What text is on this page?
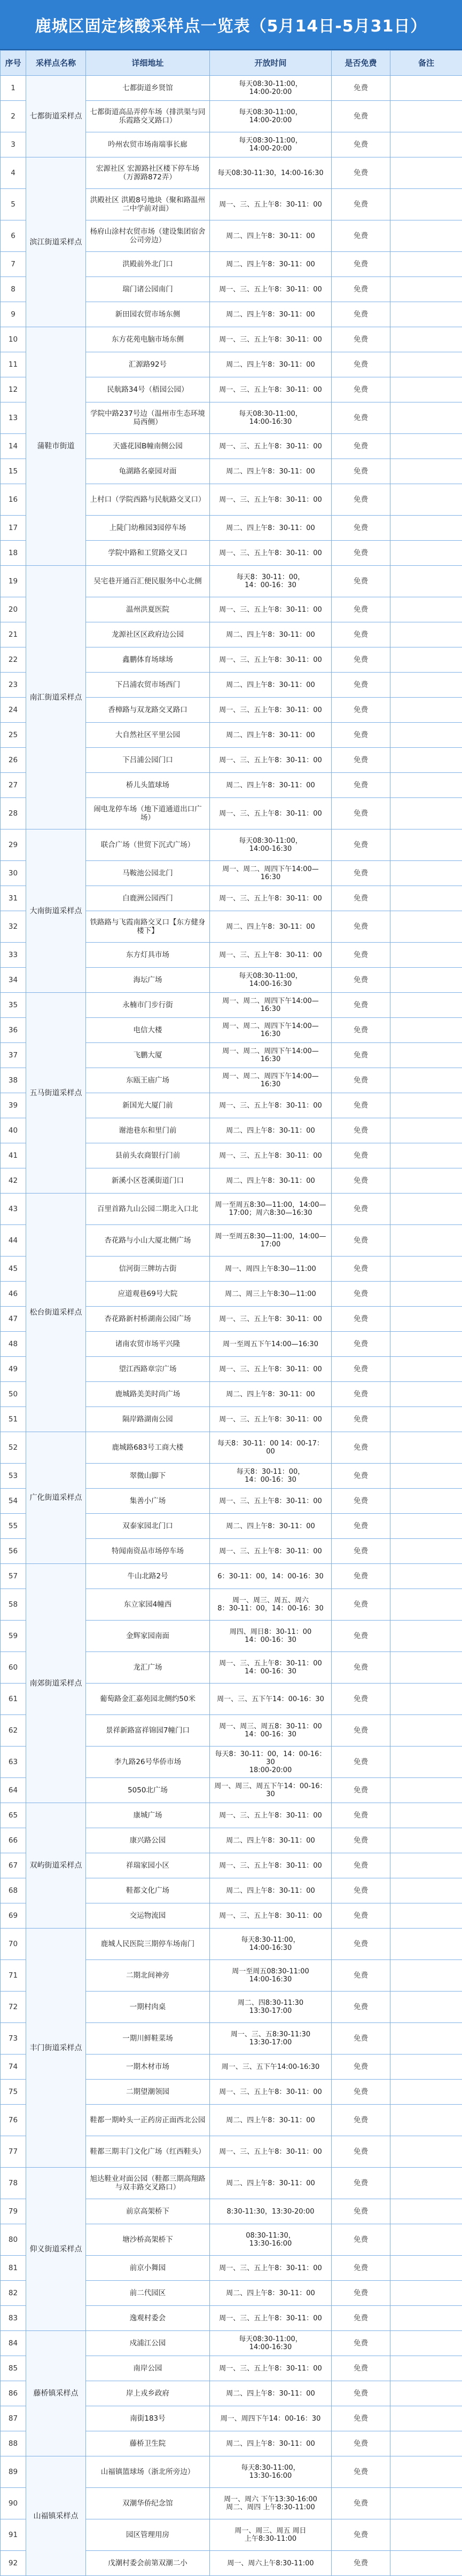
鹿城区固定核酸采样点一览表（5月14日-5月31日）
序号	采样点名称	详细地址	开放时间	是否免费	备注
1	七都街道采样点	七都街道乡贤馆	每天08:30-11:00，
14:00-20:00	免费	
2		七都街道高品弄停车场（排洪渠与同乐霞路交叉路口）	每天08:30-11:00，
14:00-20:00	免费	
3		吟州农贸市场南端事长廊	每天08:30-11:00，
14:00-20:00	免费	
4	滨江街道采样点	宏源社区 宏源路社区楼下停车场（万源路872弄）	每天08:30-11:30，14:00-16:30	免费	
5		洪殿社区 洪殿8号地块（聚和路温州二中学前对面）	周一、三、五上午8：30-11：00	免费	
6		杨府山涂村农贸市场（建设集团宿舍公司旁边）	周二、四上午8：30-11：00	免费	
7		洪殿前外北门口	周二、四上午8：30-11：00	免费	
8		瑞门诸公园南门	周一、三、五上午8：30-11：00	免费	
9		新田园农贸市场东侧	周二、四上午8：30-11：00	免费	
10	蒲鞋市街道	东方花苑电脑市场东侧	周一、三、五上午8：30-11：00	免费	
11		汇源路92号	周二、四上午8：30-11：00	免费	
12		民航路34号（梧园公园）	周一、三、五上午8：30-11：00	免费	
13		学院中路237号边（温州市生态环境局西侧）	每天08:30-11:00，
14:00-16:30	免费	
14		天盛花园B幢南侧公园	周一、三、五上午8：30-11：00	免费	
15		龟湖路名豪园对面	周二、四上午8：30-11：00	免费	
16		上村口（学院西路与民航路交叉口）	周一、三、五上午8：30-11：00	免费	
17		上陡门幼稚园3园停车场	周二、四上午8：30-11：00	免费	
18		学院中路和工贸路交叉口	周一、三、五上午8：30-11：00	免费	
19	南汇街道采样点	吴宅巷开通百汇便民服务中心北侧	每天8：30-11：00，
14：00-16：30	免费	
20		温州洪夏医院	周一、三、五上午8：30-11：00	免费	
21		龙源社区区政府边公园	周二、四上午8：30-11：00	免费	
22		鑫鹏体育场球场	周一、三、五上午8：30-11：00	免费	
23		下吕浦农贸市场西门	周二、四上午8：30-11：00	免费	
24		香樟路与双龙路交叉路口	周一、三、五上午8：30-11：00	免费	
25		大自然社区平里公园	周二、四上午8：30-11：00	免费	
26		下吕浦公园门口	周一、三、五上午8：30-11：00	免费	
27		桥儿头篮球场	周二、四上午8：30-11：00	免费	
28		闹电龙停车场（地下道通道出口广场）	周一、三、五上午8：30-11：00	免费	
29	大南街道采样点	联合广场（世贸下沉式广场）	每天08:30-11:00，
14:00-16:30	免费	
30		马鞍池公园北门	周一、周二、周四下午14:00—16:30	免费	
31		白鹿洲公园西门	周一、三、五上午8：30-11：00	免费	
32		铁路路与飞霞南路交叉口【东方健身楼下】	周二、四上午8：30-11：00	免费	
33		东方灯具市场	周一、三、五上午8：30-11：00	免费	
34		海坛广场	每天08:30-11:00，
14:00-16:30	免费	
35	五马街道采样点	永楠市门步行街	周一、周二、周四下午14:00—16:30	免费	
36		电信大楼	周一、周二、周四下午14:00—16:30	免费	
37		飞鹏大厦	周一、周二、周四下午14:00—16:30	免费	
38		东瓯王庙广场	周一、周二、周四下午14:00—16:30	免费	
39		新国光大厦门前	周一、三、五上午8：30-11：00	免费	
40		谢池巷东和里门前	周二、四上午8：30-11：00	免费	
41		县前头农商银行门前	周一、三、五上午8：30-11：00	免费	
42		新溪小区苍溪街道门口	周二、四上午8：30-11：00	免费	
43	松台街道采样点	百里首路九山公园二期北入口北	周一至周五8:30—11:00，14:00—17:00；周六8:30—16:30	免费	
44		杏花路与小山大厦北侧广场	周一至周五8:30—11:00，14:00—17:00	免费	
45		信河街三牌坊古街	周一、周四上午8:30—11:00	免费	
46		应道观巷69号大院	周二、周三上午8:30—11:00	免费	
47		杏花路新村桥湖南公园广场	周一、三、五上午8：30-11：00	免费	
48		诸南农贸市场平兴隆	周一至周五下午14:00—16:30	免费	
49		望江西路章宗广场	周一、三、五上午8：30-11：00	免费	
50		鹿城路美美时尚广场	周二、四上午8：30-11：00	免费	
51		隔岸路湖南公园	周一、三、五上午8：30-11：00	免费	
52	广化街道采样点	鹿城路683号工商大楼	每天8：30-11：00 14：00-17：00	免费	
53		翠微山脚下	每天8：30-11：00，
14：00-16：30	免费	
54		集善小广场	周一、三、五上午8：30-11：00	免费	
55		双泰家园北门口	周二、四上午8：30-11：00	免费	
56		特闻南资品市场停车场	周一、三、五上午8：30-11：00	免费	
57	南郊街道采样点	牛山北路2号	6：30-11：00，14：00-16：30	免费	
58		东立家园4幢西	周一、周三、周五、周六
8：30-11：00，14：00-16：30	免费	
59		金辉家园南面	周四、周日8：30-11：00
14：00-16：30	免费	
60		龙汇广场	周一、三、五上午8：30-11：00
14：00-16：30	免费	
61		葡萄路金汇嘉苑园北侧约50米	周一、三、五下午14：00-16：30	免费	
62		景祥新路富祥锦园7幢门口	周一、周三、周五8：30-11：00
14：00-16：30	免费	
63		李九路26号华侨市场	每天8：30-11：00，14：00-16：30
18:00-20:00	免费	
64		5050北广场	周一、周三、周五下午14：00-16：30	免费	
65	双屿街道采样点	康城广场	周一、三、五上午8：30-11：00	免费	
66		康兴路公园	周二、四上午8：30-11：00	免费	
67		祥瑞家园小区	周一、三、五上午8：30-11：00	免费	
68		鞋都文化广场	周二、四上午8：30-11：00	免费	
69		交运物流园	周一、三、五上午8：30-11：00	免费	
70	丰门街道采样点	鹿城人民医院三期停车场南门	每天8:30-11:00，
14:00-16:30	免费	
71		二期北间神旁	周一至周五08:30-11:00
14:00-16:30	免费	
72		一期村肉桌	周二、四8:30-11:30
13:30-17:00	免费	
73		一期川鲜鞋菜场	周一、三、五8:30-11:30
13:30-17:00	免费	
74		一期木材市场	周一、三、五下午14:00-16:30	免费	
75		二期望潮领园	周一、三、五上午8：30-11：00	免费	
76		鞋都一期岭头一正药房正面西北公园	周二、四上午8：30-11：00	免费	
77		鞋都三期丰门文化广场（红西鞋头）	周一、三、五上午8：30-11：00	免费	
78	仰义街道采样点	旭达鞋业对面公园（鞋都三期高翔路与双丰路交叉路口）	周二、四上午8：30-11：00	免费	
79		前京高架桥下	8:30-11:30，13:30-20:00	免费	
80		塘沙桥高架桥下	08:30-11:30，
13:30-16:00	免费	
81		前京小舞园	周一、三、五上午8：30-11：00	免费	
82		前二代园区	周二、四上午8：30-11：00	免费	
83		逸观村委会	周一、三、五上午8：30-11：00	免费	
84	藤桥镇采样点	戍浦江公园	每天08:30-11:00，
14:00-16:30	免费	
85		南岸公园	周一、三、五上午8：30-11：00	免费	
86		岸上戎乡政府	周二、四上午8：30-11：00	免费	
87		南街183号	周一、周四下午14：00-16：30	免费	
88		藤桥卫生院	周二、四上午8：30-11：00	免费	
89	山福镇采样点	山福镇篮球场（浙北所旁边）	每天8:30-11:00，
13:30-16:00	免费	
90		双潮华侨纪念馆	周一、周六 下午13:30-16:00
周二、周四 上午8:30-11:00	免费	
91		园区管理用房	周一、周三、周五 周日
上午8:30-11:00	免费	
92		戊潮村委会前第双潮二小	周一、周六上午8:30-11:00	免费	
